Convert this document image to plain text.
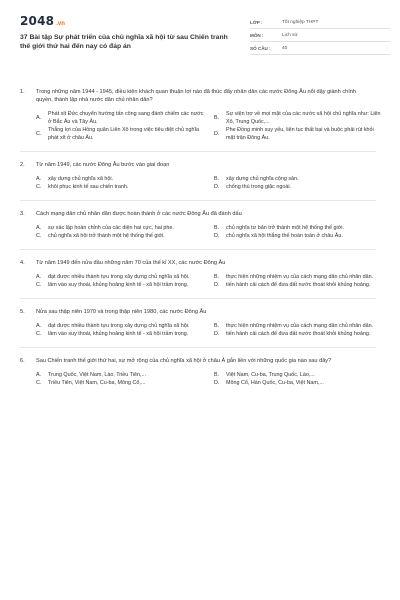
2048 .vn
37 Bài tập Sự phát triển của chủ nghĩa xã hội từ sau Chiến tranh thế giới thứ hai đến nay có đáp án
LỚP :	Tốt nghiệp THPT
MÔN :	Lịch sử
SỐ CÂU :	40
1.	Trong những năm 1944 - 1945, điều kiện khách quan thuận lợi nào đã thúc đẩy nhân dân các nước Đông Âu nổi dậy giành chính quyền, thành lập nhà nước dân chủ nhân dân?
A.
Phát xít Đức chuyển hướng tấn công sang đánh chiếm các nước ở Bắc Âu và Tây Âu.
B.
Sự viện trợ về mọi mặt của các nước xã hội chủ nghĩa như: Liên Xô, Trung Quốc,...
C.
Thắng lợi của Hồng quân Liên Xô trong việc tiêu diệt chủ nghĩa phát xít ở châu Âu.
D.
Phe Đồng minh suy yếu, liên tục thất bại và buộc phải rút khỏi mặt trận Đông Âu.
2.	Từ năm 1949, các nước Đông Âu bước vào giai đoạn
A.	xây dựng chủ nghĩa xã hội.	B.	xây dựng chủ nghĩa cộng sản.
C.	khôi phục kinh tế sau chiến tranh.	D.	chống thù trong giặc ngoài.
3.	Cách mạng dân chủ nhân dân được hoàn thành ở các nước Đông Âu đã đánh dấu
A.	sự xác lập hoàn chỉnh của các diện hai cực, hai phe.	B.	chủ nghĩa tư bản trở thành một hệ thống thế giới.
C.	chủ nghĩa xã hội trở thành một hệ thống thế giới.	D.	chủ nghĩa xã hội thắng thế hoàn toàn ở châu Âu.
4.	Từ năm 1949 đến nửa đầu những năm 70 của thế kỉ XX, các nước Đông Âu
A.	đạt được nhiều thành tựu trong xây dựng chủ nghĩa xã hội.	B.	thực hiện những nhiệm vụ của cách mạng dân chủ nhân dân.
C.	lâm vào suy thoái, khủng hoảng kinh tế - xã hội trầm trọng.	D.	tiến hành cải cách để đưa đất nước thoát khỏi khủng hoảng.
5.	Nửa sau thập niên 1970 và trong thập niên 1980, các nước Đông Âu
A.	đạt được nhiều thành tựu trong xây dựng chủ nghĩa xã hội.	B.	thực hiện những nhiệm vụ của cách mạng dân chủ nhân dân.
C.	lâm vào suy thoái, khủng hoảng kinh tế - xã hội trầm trọng.	D.	tiến hành cải cách để đưa đất nước thoát khỏi khủng hoảng.
6.	Sau Chiến tranh thế giới thứ hai, sự mở rộng của chủ nghĩa xã hội ở châu Á gắn liền với những quốc gia nào sau đây?
A.	Trung Quốc, Việt Nam, Lào, Triều Tiên,...	B.	Việt Nam, Cu-ba, Trung Quốc, Lào,...
C.	Triều Tiên, Việt Nam, Cu-ba, Mông Cổ,...	D.	Mông Cổ, Hàn Quốc, Cu-ba, Việt Nam,...
